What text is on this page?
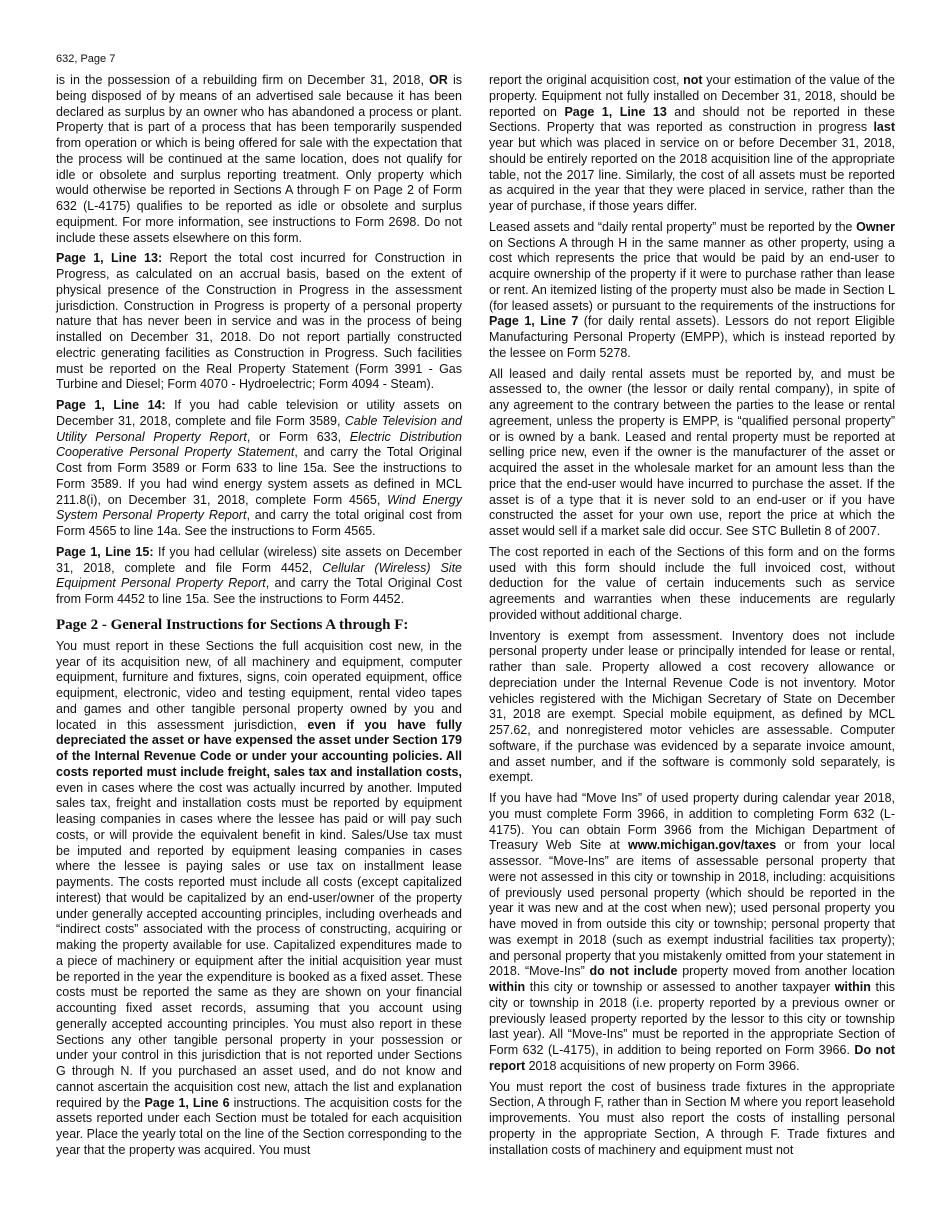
632, Page 7

is in the possession of a rebuilding firm on December 31, 2018, OR is being disposed of by means of an advertised sale because it has been declared as surplus by an owner who has abandoned a process or plant. Property that is part of a process that has been temporarily suspended from operation or which is being offered for sale with the expectation that the process will be continued at the same location, does not qualify for idle or obsolete and surplus reporting treatment. Only property which would otherwise be reported in Sections A through F on Page 2 of Form 632 (L-4175) qualifies to be reported as idle or obsolete and surplus equipment. For more information, see instructions to Form 2698. Do not include these assets elsewhere on this form.

Page 1, Line 13: Report the total cost incurred for Construction in Progress, as calculated on an accrual basis, based on the extent of physical presence of the Construction in Progress in the assessment jurisdiction. Construction in Progress is property of a personal property nature that has never been in service and was in the process of being installed on December 31, 2018. Do not report partially constructed electric generating facilities as Construction in Progress. Such facilities must be reported on the Real Property Statement (Form 3991 - Gas Turbine and Diesel; Form 4070 - Hydroelectric; Form 4094 - Steam).

Page 1, Line 14: If you had cable television or utility assets on December 31, 2018, complete and file Form 3589, Cable Television and Utility Personal Property Report, or Form 633, Electric Distribution Cooperative Personal Property Statement, and carry the Total Original Cost from Form 3589 or Form 633 to line 15a. See the instructions to Form 3589. If you had wind energy system assets as defined in MCL 211.8(i), on December 31, 2018, complete Form 4565, Wind Energy System Personal Property Report, and carry the total original cost from Form 4565 to line 14a. See the instructions to Form 4565.

Page 1, Line 15: If you had cellular (wireless) site assets on December 31, 2018, complete and file Form 4452, Cellular (Wireless) Site Equipment Personal Property Report, and carry the Total Original Cost from Form 4452 to line 15a. See the instructions to Form 4452.

Page 2 - General Instructions for Sections A through F:

You must report in these Sections the full acquisition cost new, in the year of its acquisition new, of all machinery and equipment, computer equipment, furniture and fixtures, signs, coin operated equipment, office equipment, electronic, video and testing equipment, rental video tapes and games and other tangible personal property owned by you and located in this assessment jurisdiction, even if you have fully depreciated the asset or have expensed the asset under Section 179 of the Internal Revenue Code or under your accounting policies. All costs reported must include freight, sales tax and installation costs, even in cases where the cost was actually incurred by another. Imputed sales tax, freight and installation costs must be reported by equipment leasing companies in cases where the lessee has paid or will pay such costs, or will provide the equivalent benefit in kind. Sales/Use tax must be imputed and reported by equipment leasing companies in cases where the lessee is paying sales or use tax on installment lease payments. The costs reported must include all costs (except capitalized interest) that would be capitalized by an end-user/owner of the property under generally accepted accounting principles, including overheads and “indirect costs” associated with the process of constructing, acquiring or making the property available for use. Capitalized expenditures made to a piece of machinery or equipment after the initial acquisition year must be reported in the year the expenditure is booked as a fixed asset. These costs must be reported the same as they are shown on your financial accounting fixed asset records, assuming that you account using generally accepted accounting principles. You must also report in these Sections any other tangible personal property in your possession or under your control in this jurisdiction that is not reported under Sections G through N. If you purchased an asset used, and do not know and cannot ascertain the acquisition cost new, attach the list and explanation required by the Page 1, Line 6 instructions. The acquisition costs for the assets reported under each Section must be totaled for each acquisition year. Place the yearly total on the line of the Section corresponding to the year that the property was acquired. You must

report the original acquisition cost, not your estimation of the value of the property. Equipment not fully installed on December 31, 2018, should be reported on Page 1, Line 13 and should not be reported in these Sections. Property that was reported as construction in progress last year but which was placed in service on or before December 31, 2018, should be entirely reported on the 2018 acquisition line of the appropriate table, not the 2017 line. Similarly, the cost of all assets must be reported as acquired in the year that they were placed in service, rather than the year of purchase, if those years differ.

Leased assets and “daily rental property” must be reported by the Owner on Sections A through H in the same manner as other property, using a cost which represents the price that would be paid by an end-user to acquire ownership of the property if it were to purchase rather than lease or rent. An itemized listing of the property must also be made in Section L (for leased assets) or pursuant to the requirements of the instructions for Page 1, Line 7 (for daily rental assets). Lessors do not report Eligible Manufacturing Personal Property (EMPP), which is instead reported by the lessee on Form 5278.

All leased and daily rental assets must be reported by, and must be assessed to, the owner (the lessor or daily rental company), in spite of any agreement to the contrary between the parties to the lease or rental agreement, unless the property is EMPP, is “qualified personal property” or is owned by a bank. Leased and rental property must be reported at selling price new, even if the owner is the manufacturer of the asset or acquired the asset in the wholesale market for an amount less than the price that the end-user would have incurred to purchase the asset. If the asset is of a type that it is never sold to an end-user or if you have constructed the asset for your own use, report the price at which the asset would sell if a market sale did occur. See STC Bulletin 8 of 2007.

The cost reported in each of the Sections of this form and on the forms used with this form should include the full invoiced cost, without deduction for the value of certain inducements such as service agreements and warranties when these inducements are regularly provided without additional charge.

Inventory is exempt from assessment. Inventory does not include personal property under lease or principally intended for lease or rental, rather than sale. Property allowed a cost recovery allowance or depreciation under the Internal Revenue Code is not inventory. Motor vehicles registered with the Michigan Secretary of State on December 31, 2018 are exempt. Special mobile equipment, as defined by MCL 257.62, and nonregistered motor vehicles are assessable. Computer software, if the purchase was evidenced by a separate invoice amount, and asset number, and if the software is commonly sold separately, is exempt.

If you have had “Move Ins” of used property during calendar year 2018, you must complete Form 3966, in addition to completing Form 632 (L-4175). You can obtain Form 3966 from the Michigan Department of Treasury Web Site at www.michigan.gov/taxes or from your local assessor. “Move-Ins” are items of assessable personal property that were not assessed in this city or township in 2018, including: acquisitions of previously used personal property (which should be reported in the year it was new and at the cost when new); used personal property you have moved in from outside this city or township; personal property that was exempt in 2018 (such as exempt industrial facilities tax property); and personal property that you mistakenly omitted from your statement in 2018. “Move-Ins” do not include property moved from another location within this city or township or assessed to another taxpayer within this city or township in 2018 (i.e. property reported by a previous owner or previously leased property reported by the lessor to this city or township last year). All “Move-Ins” must be reported in the appropriate Section of Form 632 (L-4175), in addition to being reported on Form 3966. Do not report 2018 acquisitions of new property on Form 3966.

You must report the cost of business trade fixtures in the appropriate Section, A through F, rather than in Section M where you report leasehold improvements. You must also report the costs of installing personal property in the appropriate Section, A through F. Trade fixtures and installation costs of machinery and equipment must not
